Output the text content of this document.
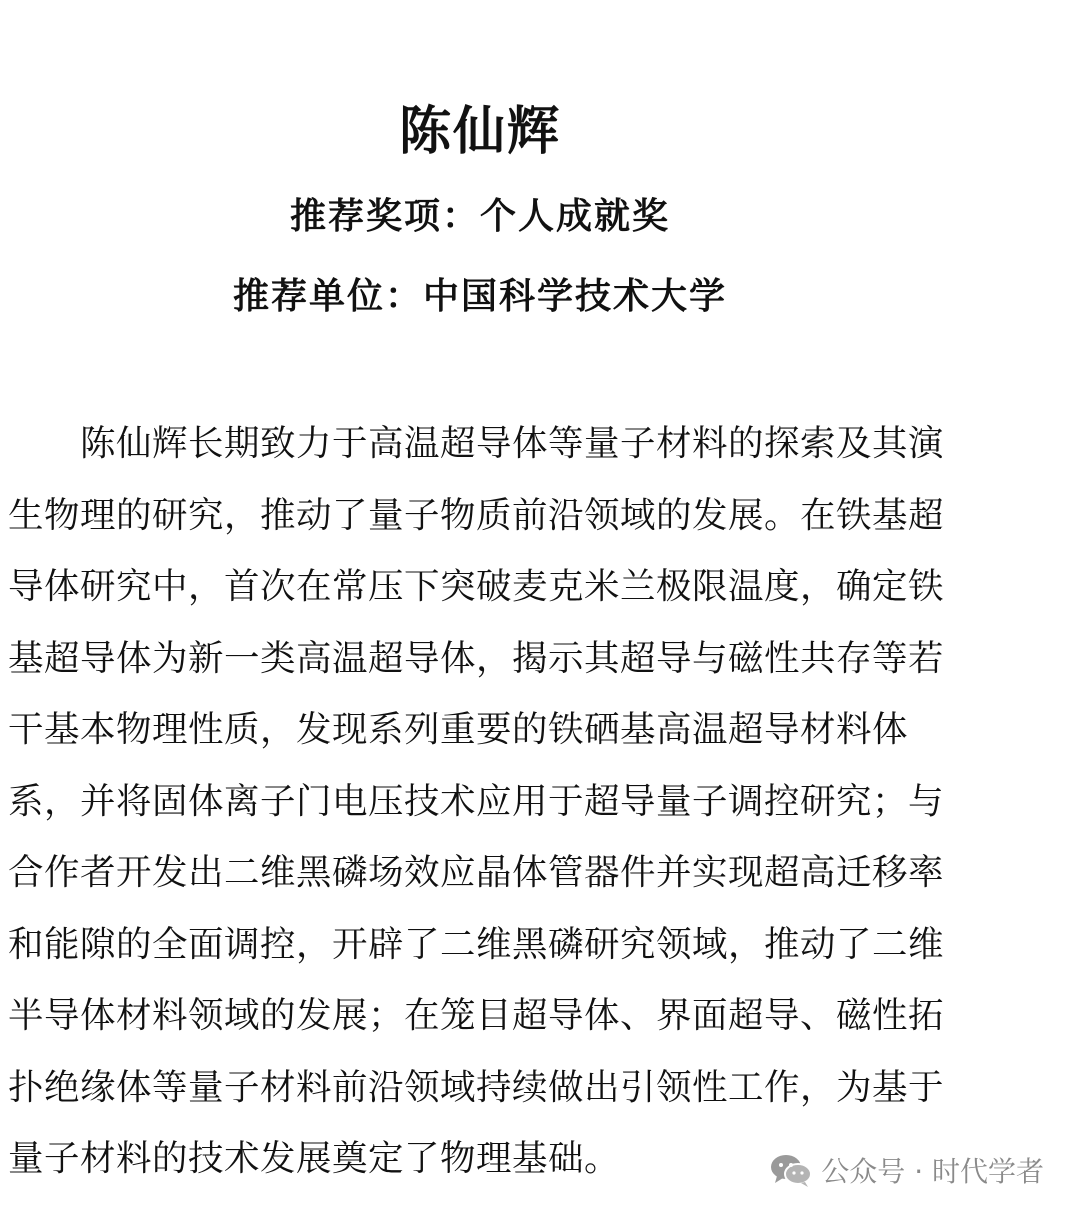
陈仙辉
推荐奖项：个人成就奖
推荐单位：中国科学技术大学

陈仙辉长期致力于高温超导体等量子材料的探索及其演生物理的研究，推动了量子物质前沿领域的发展。在铁基超导体研究中，首次在常压下突破麦克米兰极限温度，确定铁基超导体为新一类高温超导体，揭示其超导与磁性共存等若干基本物理性质，发现系列重要的铁硒基高温超导材料体系，并将固体离子门电压技术应用于超导量子调控研究；与合作者开发出二维黑磷场效应晶体管器件并实现超高迁移率和能隙的全面调控，开辟了二维黑磷研究领域，推动了二维半导体材料领域的发展；在笼目超导体、界面超导、磁性拓扑绝缘体等量子材料前沿领域持续做出引领性工作，为基于量子材料的技术发展奠定了物理基础。	公众号 · 时代学者
